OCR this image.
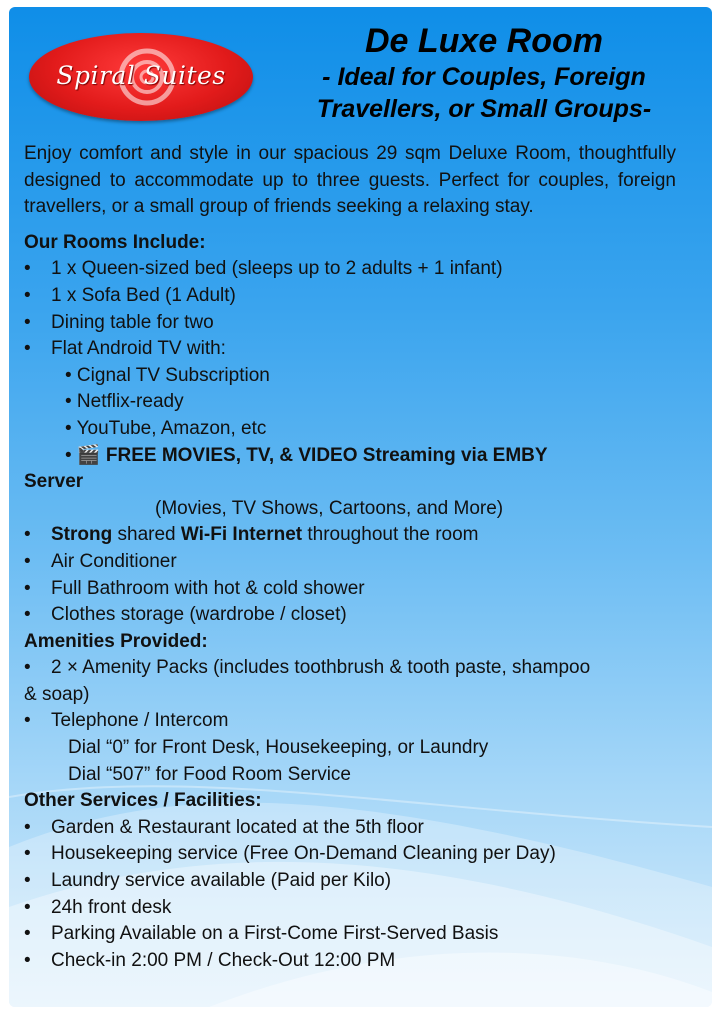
Spiral Suites
De Luxe Room
- Ideal for Couples, Foreign
Travellers, or Small Groups-
Enjoy comfort and style in our spacious 29 sqm Deluxe Room, thoughtfully designed to accommodate up to three guests. Perfect for couples, foreign travellers, or a small group of friends seeking a relaxing stay.
Our Rooms Include:
• 1 x Queen-sized bed (sleeps up to 2 adults + 1 infant)
• 1 x Sofa Bed (1 Adult)
• Dining table for two
• Flat Android TV with:
• Cignal TV Subscription
• Netflix-ready
• YouTube, Amazon, etc
• 🎬 FREE MOVIES, TV, & VIDEO Streaming via EMBY
Server
(Movies, TV Shows, Cartoons, and More)
• Strong shared Wi-Fi Internet throughout the room
• Air Conditioner
• Full Bathroom with hot & cold shower
• Clothes storage (wardrobe / closet)
Amenities Provided:
• 2 × Amenity Packs (includes toothbrush & tooth paste, shampoo
& soap)
• Telephone / Intercom
Dial “0” for Front Desk, Housekeeping, or Laundry
Dial “507” for Food Room Service
Other Services / Facilities:
• Garden & Restaurant located at the 5th floor
• Housekeeping service (Free On-Demand Cleaning per Day)
• Laundry service available (Paid per Kilo)
• 24h front desk
• Parking Available on a First-Come First-Served Basis
• Check-in 2:00 PM / Check-Out 12:00 PM
